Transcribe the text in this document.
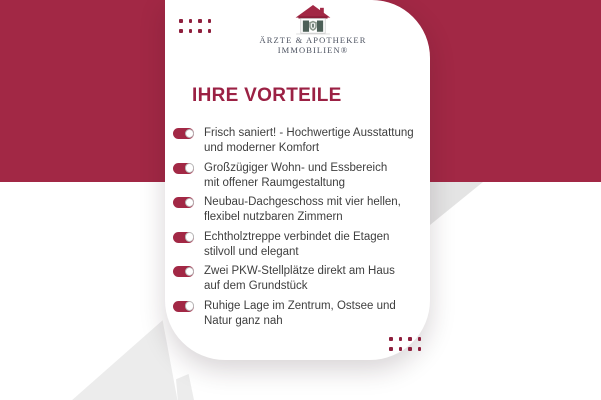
ÄRZTE & APOTHEKER
IMMOBILIEN®
IHRE VORTEILE
Frisch saniert! - Hochwertige Ausstattung
und moderner Komfort
Großzügiger Wohn- und Essbereich
mit offener Raumgestaltung
Neubau-Dachgeschoss mit vier hellen,
flexibel nutzbaren Zimmern
Echtholztreppe verbindet die Etagen
stilvoll und elegant
Zwei PKW-Stellplätze direkt am Haus
auf dem Grundstück
Ruhige Lage im Zentrum, Ostsee und
Natur ganz nah
